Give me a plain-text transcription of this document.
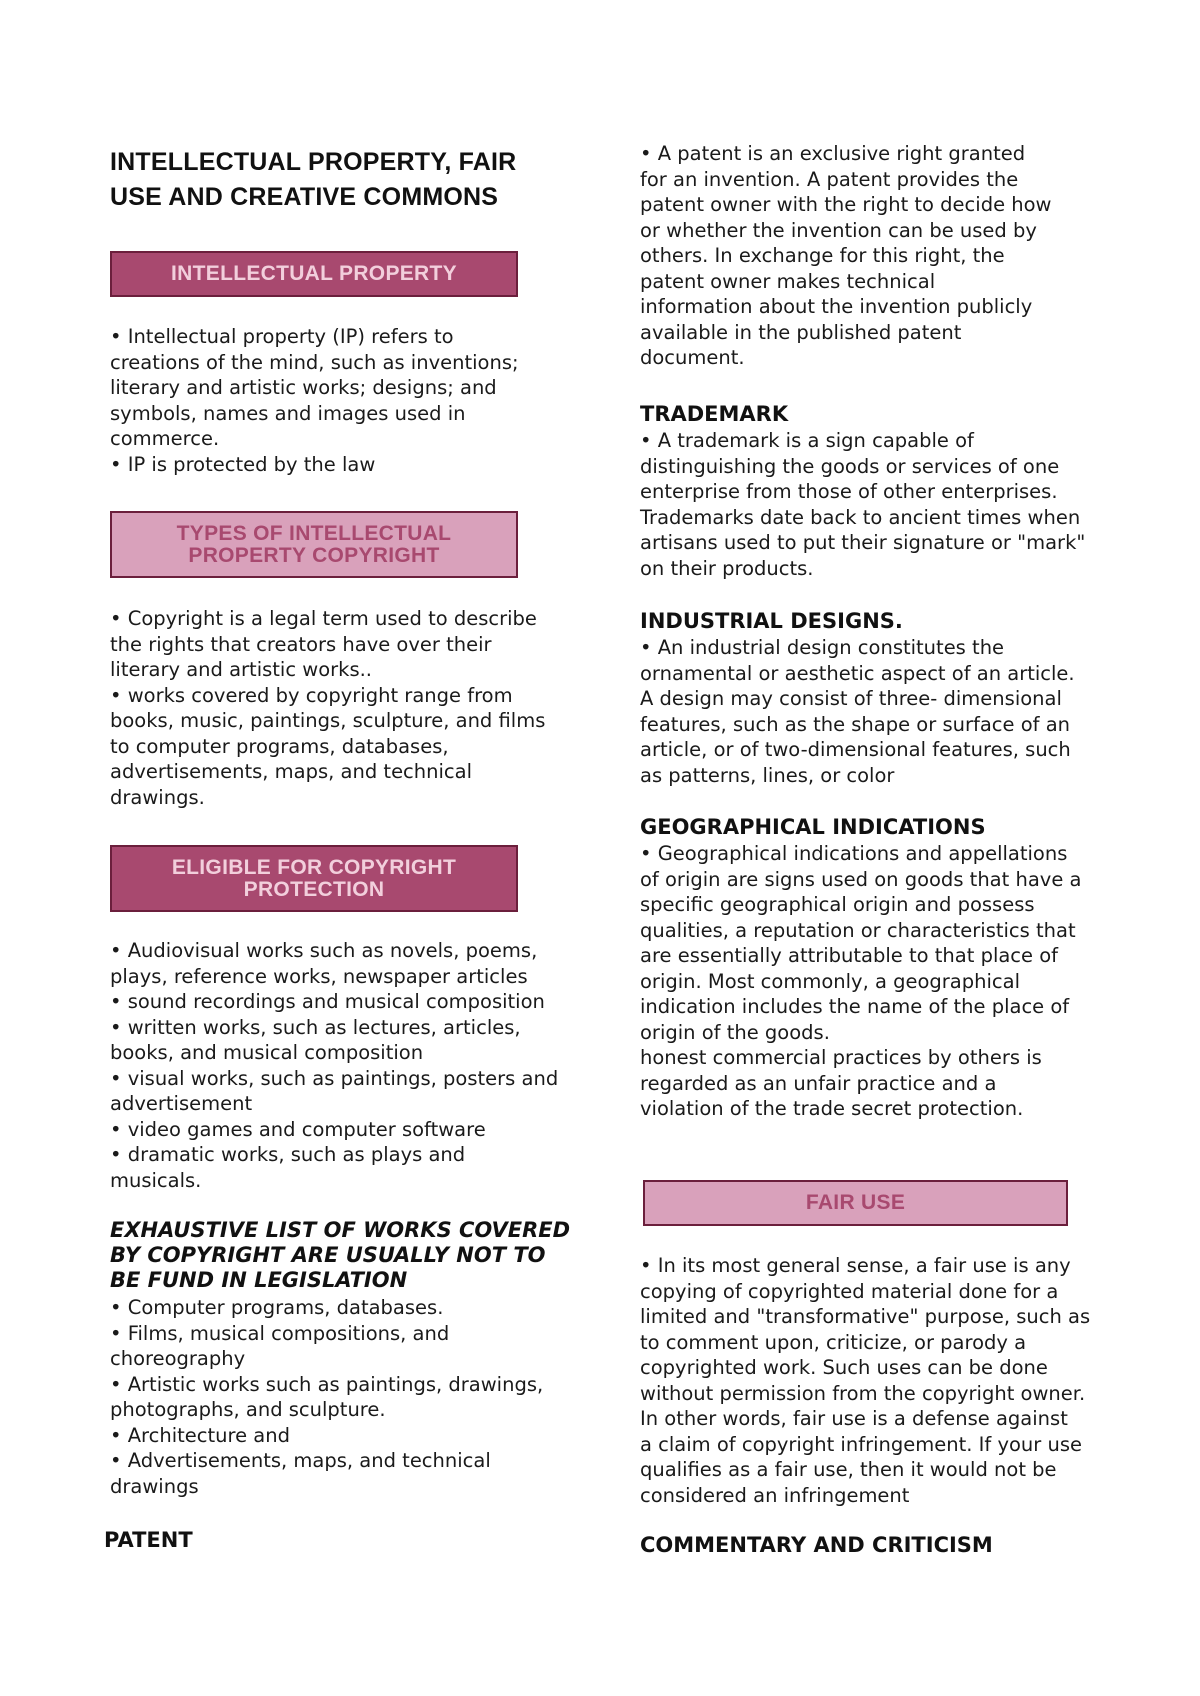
INTELLECTUAL PROPERTY, FAIR
USE AND CREATIVE COMMONS
INTELLECTUAL PROPERTY

• Intellectual property (IP) refers to
creations of the mind, such as inventions;
literary and artistic works; designs; and
symbols, names and images used in
commerce.
• IP is protected by the law

TYPES OF INTELLECTUAL
PROPERTY COPYRIGHT

• Copyright is a legal term used to describe
the rights that creators have over their
literary and artistic works..
• works covered by copyright range from
books, music, paintings, sculpture, and films
to computer programs, databases,
advertisements, maps, and technical
drawings.

ELIGIBLE FOR COPYRIGHT
PROTECTION

• Audiovisual works such as novels, poems,
plays, reference works, newspaper articles
• sound recordings and musical composition
• written works, such as lectures, articles,
books, and musical composition
• visual works, such as paintings, posters and
advertisement
• video games and computer software
• dramatic works, such as plays and
musicals.

EXHAUSTIVE LIST OF WORKS COVERED
BY COPYRIGHT ARE USUALLY NOT TO
BE FUND IN LEGISLATION

• Computer programs, databases.
• Films, musical compositions, and
choreography
• Artistic works such as paintings, drawings,
photographs, and sculpture.
• Architecture and
• Advertisements, maps, and technical
drawings

PATENT

• A patent is an exclusive right granted
for an invention. A patent provides the
patent owner with the right to decide how
or whether the invention can be used by
others. In exchange for this right, the
patent owner makes technical
information about the invention publicly
available in the published patent
document.

TRADEMARK

• A trademark is a sign capable of
distinguishing the goods or services of one
enterprise from those of other enterprises.
Trademarks date back to ancient times when
artisans used to put their signature or "mark"
on their products.

INDUSTRIAL DESIGNS.

• An industrial design constitutes the
ornamental or aesthetic aspect of an article.
A design may consist of three- dimensional
features, such as the shape or surface of an
article, or of two-dimensional features, such
as patterns, lines, or color

GEOGRAPHICAL INDICATIONS

• Geographical indications and appellations
of origin are signs used on goods that have a
specific geographical origin and possess
qualities, a reputation or characteristics that
are essentially attributable to that place of
origin. Most commonly, a geographical
indication includes the name of the place of
origin of the goods.
honest commercial practices by others is
regarded as an unfair practice and a
violation of the trade secret protection.

FAIR USE

• In its most general sense, a fair use is any
copying of copyrighted material done for a
limited and "transformative" purpose, such as
to comment upon, criticize, or parody a
copyrighted work. Such uses can be done
without permission from the copyright owner.
In other words, fair use is a defense against
a claim of copyright infringement. If your use
qualifies as a fair use, then it would not be
considered an infringement

COMMENTARY AND CRITICISM
